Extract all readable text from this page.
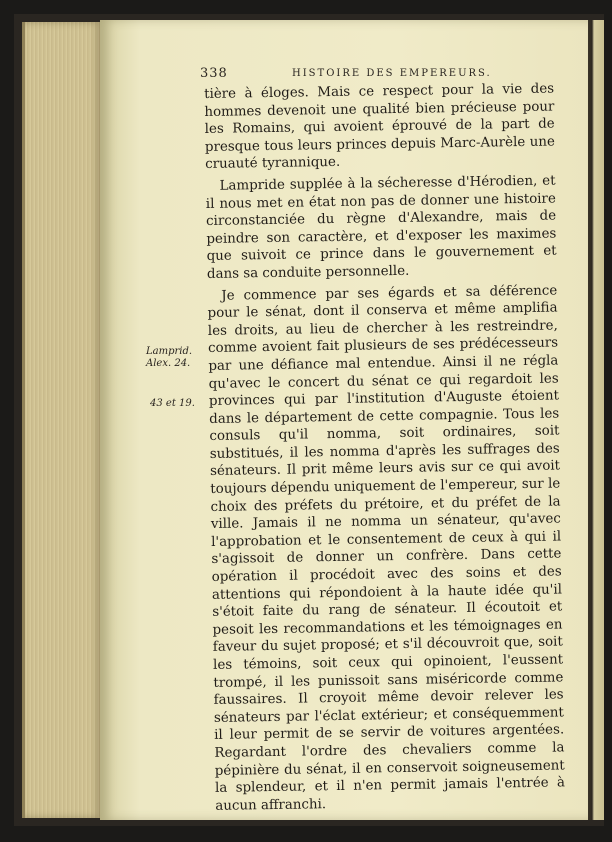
338	HISTOIRE DES EMPEREURS.
Lamprid.
Alex. 24.
43 et 19.

tière à éloges. Mais ce respect pour la vie des hommes devenoit une qualité bien précieuse pour les Romains, qui avoient éprouvé de la part de presque tous leurs princes depuis Marc-Aurèle une cruauté tyrannique.

Lampride supplée à la sécheresse d'Hérodien, et il nous met en état non pas de donner une histoire circonstanciée du règne d'Alexandre, mais de peindre son caractère, et d'exposer les maximes que suivoit ce prince dans le gouvernement et dans sa conduite personnelle.

Je commence par ses égards et sa déférence pour le sénat, dont il conserva et même amplifia les droits, au lieu de chercher à les restreindre, comme avoient fait plusieurs de ses prédécesseurs par une défiance mal entendue. Ainsi il ne régla qu'avec le concert du sénat ce qui regardoit les provinces qui par l'institution d'Auguste étoient dans le département de cette compagnie. Tous les consuls qu'il nomma, soit ordinaires, soit substitués, il les nomma d'après les suffrages des sénateurs. Il prit même leurs avis sur ce qui avoit toujours dépendu uniquement de l'empereur, sur le choix des préfets du prétoire, et du préfet de la ville. Jamais il ne nomma un sénateur, qu'avec l'approbation et le consentement de ceux à qui il s'agissoit de donner un confrère. Dans cette opération il procédoit avec des soins et des attentions qui répondoient à la haute idée qu'il s'étoit faite du rang de sénateur. Il écoutoit et pesoit les recommandations et les témoignages en faveur du sujet proposé; et s'il découvroit que, soit les témoins, soit ceux qui opinoient, l'eussent trompé, il les punissoit sans miséricorde comme faussaires. Il croyoit même devoir relever les sénateurs par l'éclat extérieur; et conséquemment il leur permit de se servir de voitures argentées. Regardant l'ordre des chevaliers comme la pépinière du sénat, il en conservoit soigneusement la splendeur, et il n'en permit jamais l'entrée à aucun affranchi.
